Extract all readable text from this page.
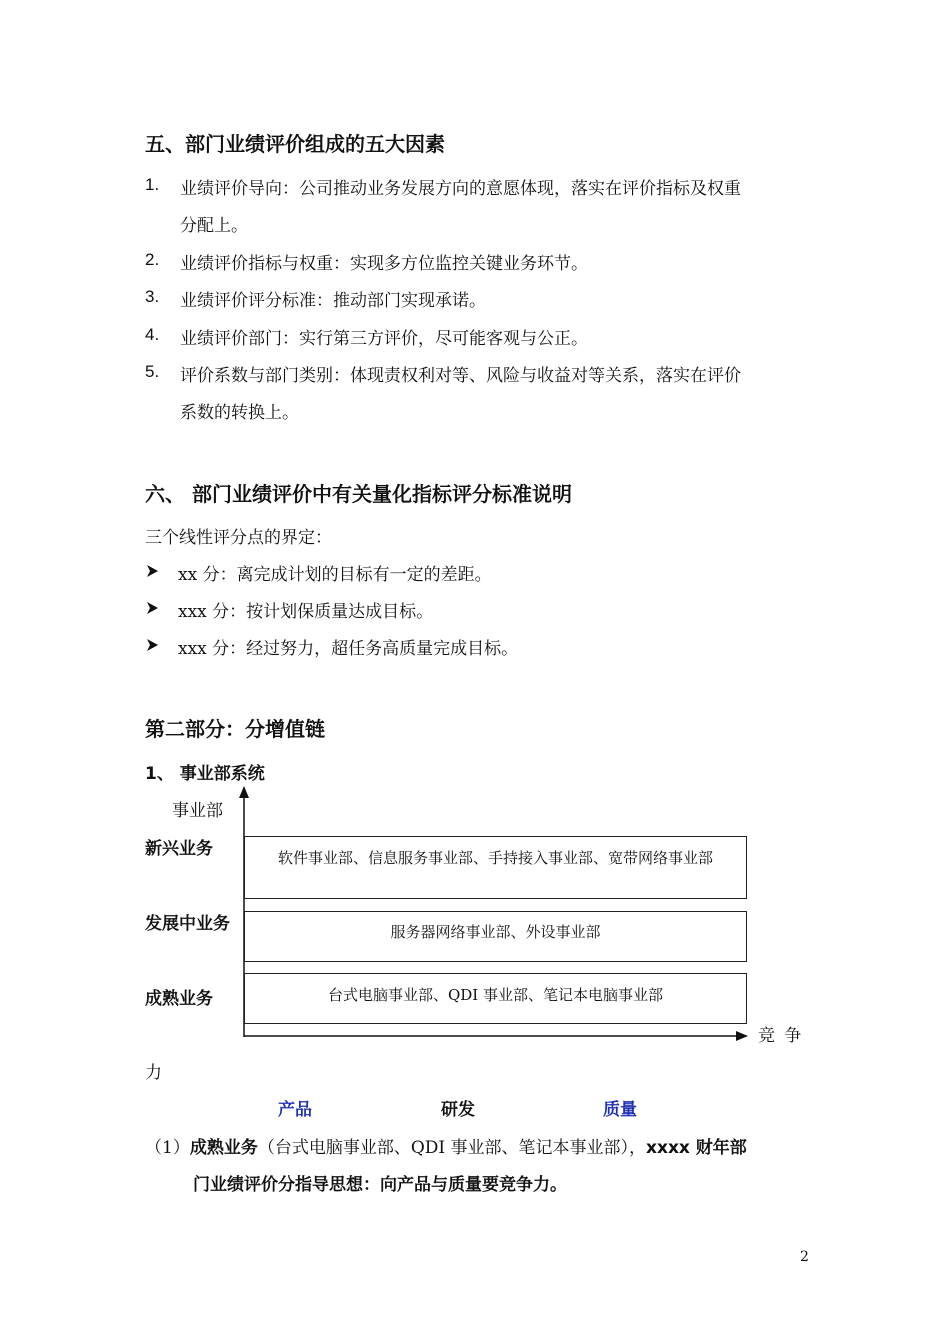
五、部门业绩评价组成的五大因素
1. 业绩评价导向：公司推动业务发展方向的意愿体现，落实在评价指标及权重
分配上。
2. 业绩评价指标与权重：实现多方位监控关键业务环节。
3. 业绩评价评分标准：推动部门实现承诺。
4. 业绩评价部门：实行第三方评价，尽可能客观与公正。
5. 评价系数与部门类别：体现责权利对等、风险与收益对等关系，落实在评价
系数的转换上。
六、 部门业绩评价中有关量化指标评分标准说明
三个线性评分点的界定：
xx 分：离完成计划的目标有一定的差距。
xxx 分：按计划保质量达成目标。
xxx 分：经过努力，超任务高质量完成目标。
第二部分：分增值链
1、 事业部系统
事业部
新兴业务	软件事业部、信息服务事业部、手持接入事业部、宽带网络事业部
发展中业务	服务器网络事业部、外设事业部
成熟业务	台式电脑事业部、QDI 事业部、笔记本电脑事业部
竞 争
力
产品	研发	质量
（1）成熟业务（台式电脑事业部、QDI 事业部、笔记本事业部），xxxx 财年部
门业绩评价分指导思想：向产品与质量要竞争力。
2
